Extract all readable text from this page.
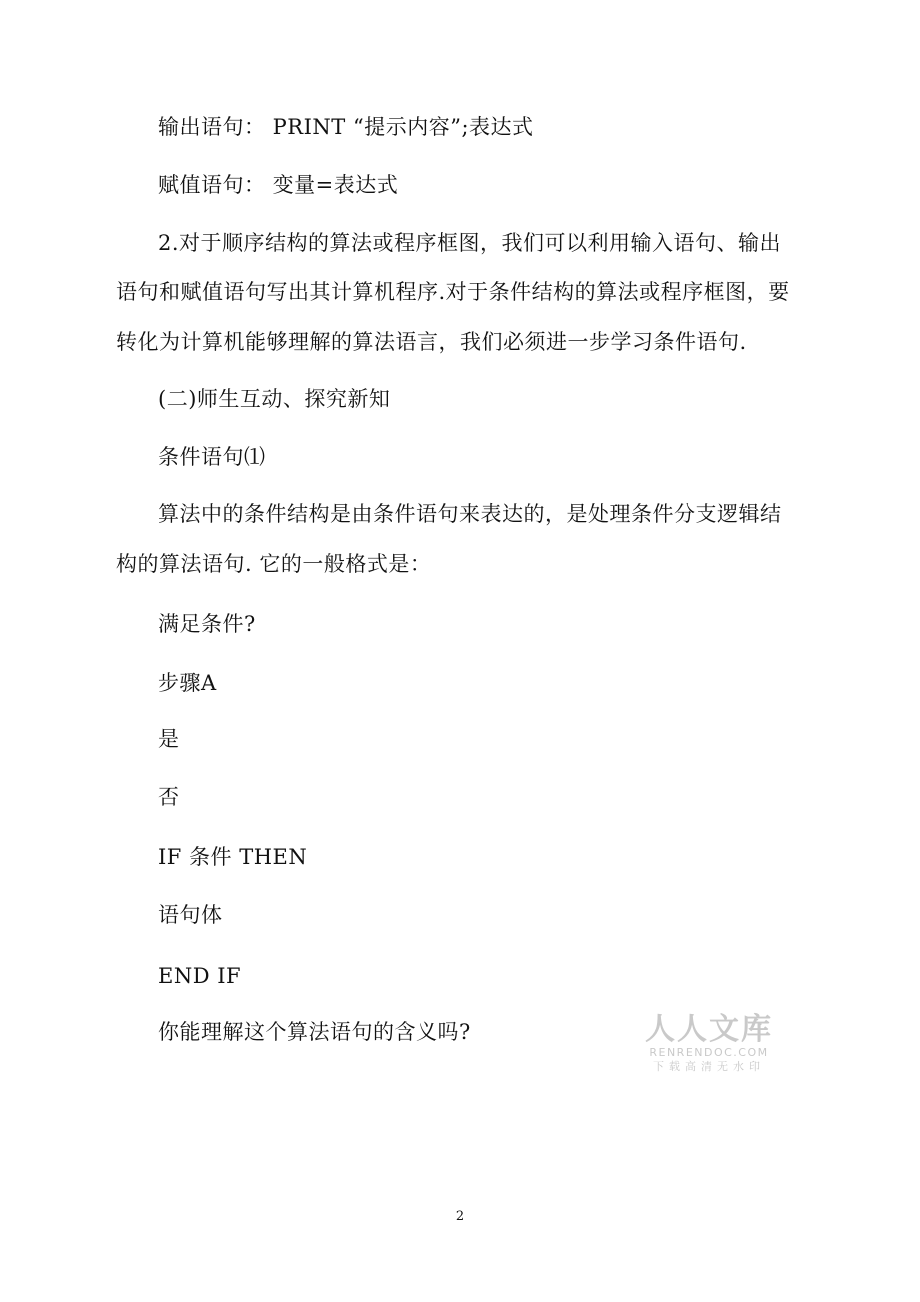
输出语句： PRINT “提示内容”;表达式
赋值语句： 变量=表达式
2.对于顺序结构的算法或程序框图，我们可以利用输入语句、输出
语句和赋值语句写出其计算机程序.对于条件结构的算法或程序框图，要
转化为计算机能够理解的算法语言，我们必须进一步学习条件语句.
(二)师生互动、探究新知
条件语句⑴
算法中的条件结构是由条件语句来表达的，是处理条件分支逻辑结
构的算法语句. 它的一般格式是：
满足条件?
步骤A
是
否
IF 条件 THEN
语句体
END IF
你能理解这个算法语句的含义吗?	人人文库
RENRENDOC.COM
下载高清无水印
2
